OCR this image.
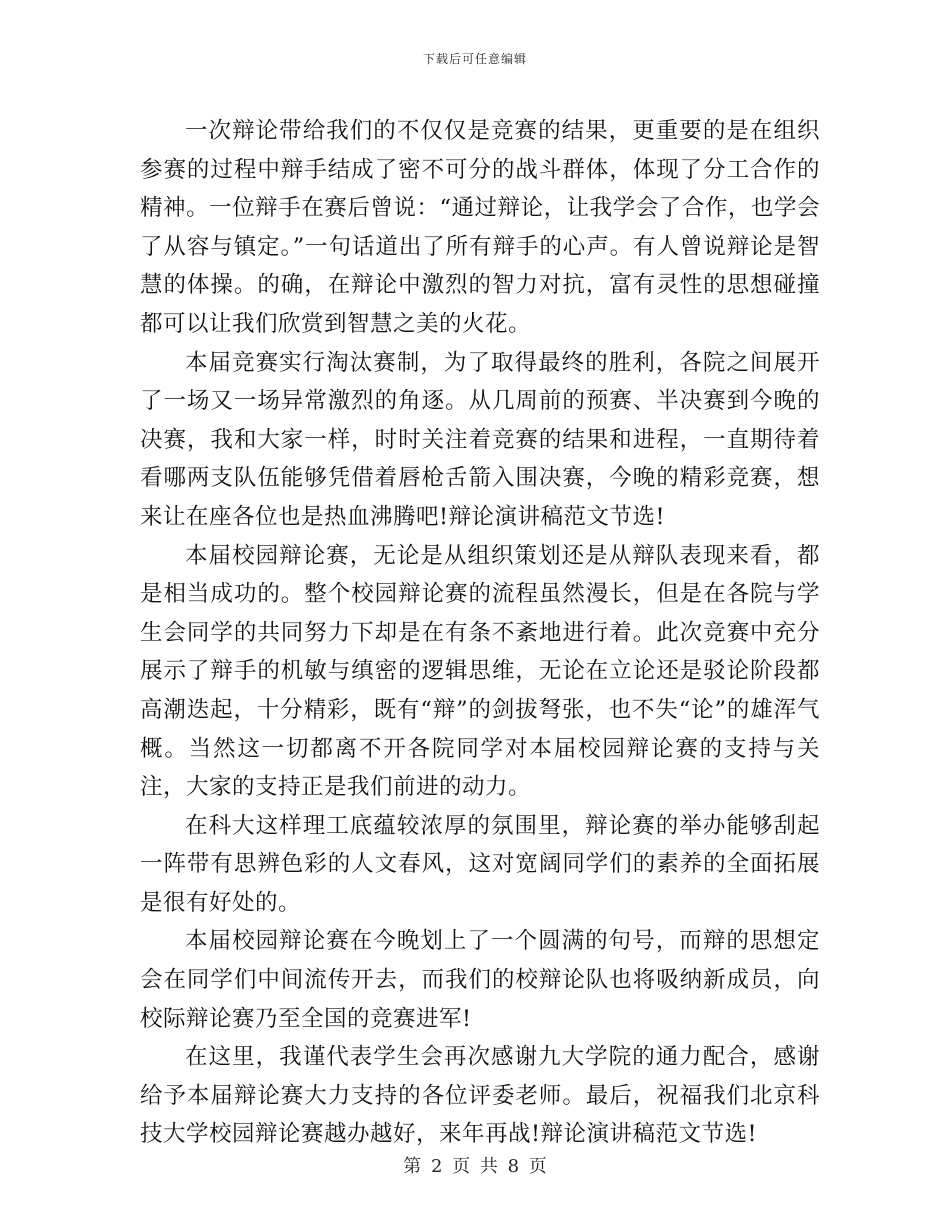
下载后可任意编辑

一次辩论带给我们的不仅仅是竞赛的结果，更重要的是在组织参赛的过程中辩手结成了密不可分的战斗群体，体现了分工合作的精神。一位辩手在赛后曾说：“通过辩论，让我学会了合作，也学会了从容与镇定。”一句话道出了所有辩手的心声。有人曾说辩论是智慧的体操。的确，在辩论中激烈的智力对抗，富有灵性的思想碰撞都可以让我们欣赏到智慧之美的火花。

本届竞赛实行淘汰赛制，为了取得最终的胜利，各院之间展开了一场又一场异常激烈的角逐。从几周前的预赛、半决赛到今晚的决赛，我和大家一样，时时关注着竞赛的结果和进程，一直期待着看哪两支队伍能够凭借着唇枪舌箭入围决赛，今晚的精彩竞赛，想来让在座各位也是热血沸腾吧!辩论演讲稿范文节选!

本届校园辩论赛，无论是从组织策划还是从辩队表现来看，都是相当成功的。整个校园辩论赛的流程虽然漫长，但是在各院与学生会同学的共同努力下却是在有条不紊地进行着。此次竞赛中充分展示了辩手的机敏与缜密的逻辑思维，无论在立论还是驳论阶段都高潮迭起，十分精彩，既有“辩”的剑拔弩张，也不失“论”的雄浑气概。当然这一切都离不开各院同学对本届校园辩论赛的支持与关注，大家的支持正是我们前进的动力。

在科大这样理工底蕴较浓厚的氛围里，辩论赛的举办能够刮起一阵带有思辨色彩的人文春风，这对宽阔同学们的素养的全面拓展是很有好处的。

本届校园辩论赛在今晚划上了一个圆满的句号，而辩的思想定会在同学们中间流传开去，而我们的校辩论队也将吸纳新成员，向校际辩论赛乃至全国的竞赛进军!

在这里，我谨代表学生会再次感谢九大学院的通力配合，感谢给予本届辩论赛大力支持的各位评委老师。最后，祝福我们北京科技大学校园辩论赛越办越好，来年再战!辩论演讲稿范文节选!

第 2 页 共 8 页
